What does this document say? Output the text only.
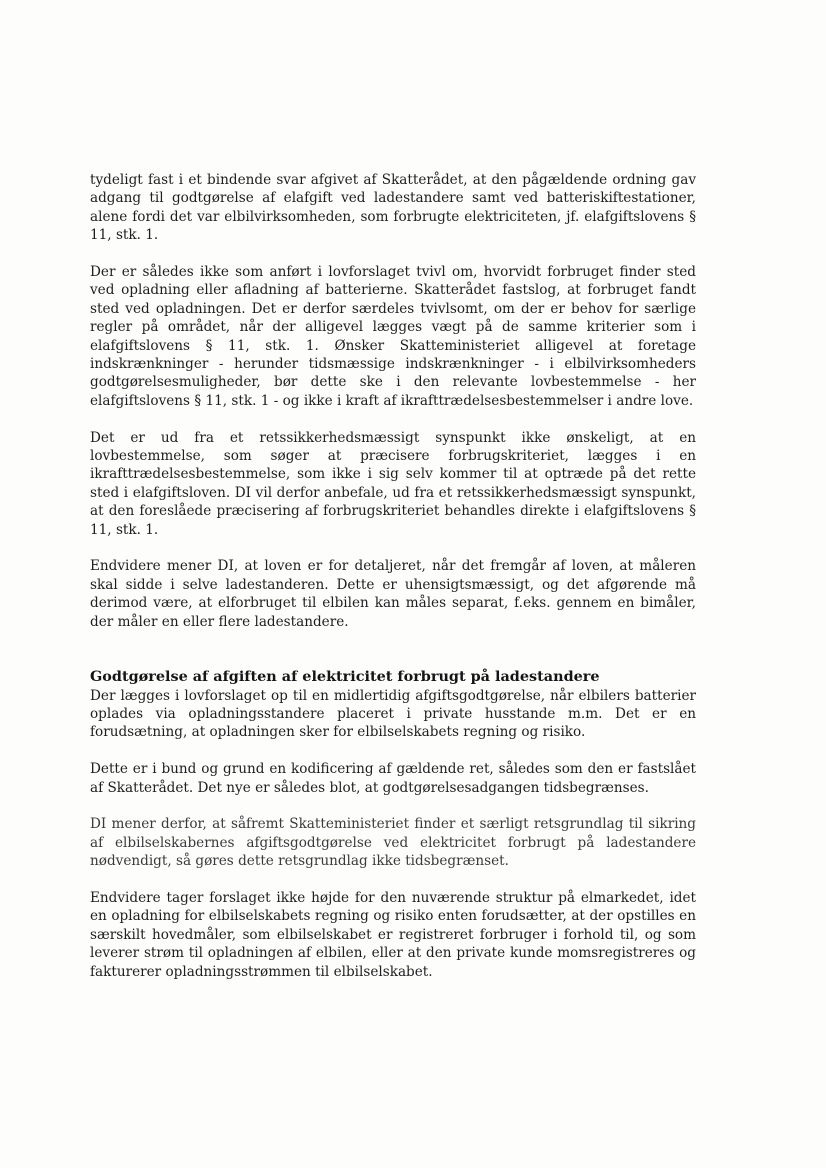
tydeligt fast i et bindende svar afgivet af Skatterådet, at den pågældende ordning gav adgang til godtgørelse af elafgift ved ladestandere samt ved batteriskiftestationer, alene fordi det var elbilvirksomheden, som forbrugte elektriciteten, jf. elafgiftslovens § 11, stk. 1.

Der er således ikke som anført i lovforslaget tvivl om, hvorvidt forbruget finder sted ved opladning eller afladning af batterierne. Skatterådet fastslog, at forbruget fandt sted ved opladningen. Det er derfor særdeles tvivlsomt, om der er behov for særlige regler på området, når der alligevel lægges vægt på de samme kriterier som i elafgiftslovens § 11, stk. 1. Ønsker Skatteministeriet alligevel at foretage indskrænkninger - herunder tidsmæssige indskrænkninger - i elbilvirksomheders godtgørelsesmuligheder, bør dette ske i den relevante lovbestemmelse - her elafgiftslovens § 11, stk. 1 - og ikke i kraft af ikrafttrædelsesbestemmelser i andre love.

Det er ud fra et retssikkerhedsmæssigt synspunkt ikke ønskeligt, at en lovbestemmelse, som søger at præcisere forbrugskriteriet, lægges i en ikrafttrædelsesbestemmelse, som ikke i sig selv kommer til at optræde på det rette sted i elafgiftsloven. DI vil derfor anbefale, ud fra et retssikkerhedsmæssigt synspunkt, at den foreslåede præcisering af forbrugskriteriet behandles direkte i elafgiftslovens § 11, stk. 1.

Endvidere mener DI, at loven er for detaljeret, når det fremgår af loven, at måleren skal sidde i selve ladestanderen. Dette er uhensigtsmæssigt, og det afgørende må derimod være, at elforbruget til elbilen kan måles separat, f.eks. gennem en bimåler, der måler en eller flere ladestandere.

Godtgørelse af afgiften af elektricitet forbrugt på ladestandere

Der lægges i lovforslaget op til en midlertidig afgiftsgodtgørelse, når elbilers batterier oplades via opladningsstandere placeret i private husstande m.m. Det er en forudsætning, at opladningen sker for elbilselskabets regning og risiko.

Dette er i bund og grund en kodificering af gældende ret, således som den er fastslået af Skatterådet. Det nye er således blot, at godtgørelsesadgangen tidsbegrænses.

DI mener derfor, at såfremt Skatteministeriet finder et særligt retsgrundlag til sikring af elbilselskabernes afgiftsgodtgørelse ved elektricitet forbrugt på ladestandere nødvendigt, så gøres dette retsgrundlag ikke tidsbegrænset.

Endvidere tager forslaget ikke højde for den nuværende struktur på elmarkedet, idet en opladning for elbilselskabets regning og risiko enten forudsætter, at der opstilles en særskilt hovedmåler, som elbilselskabet er registreret forbruger i forhold til, og som leverer strøm til opladningen af elbilen, eller at den private kunde momsregistreres og fakturerer opladningsstrømmen til elbilselskabet.
